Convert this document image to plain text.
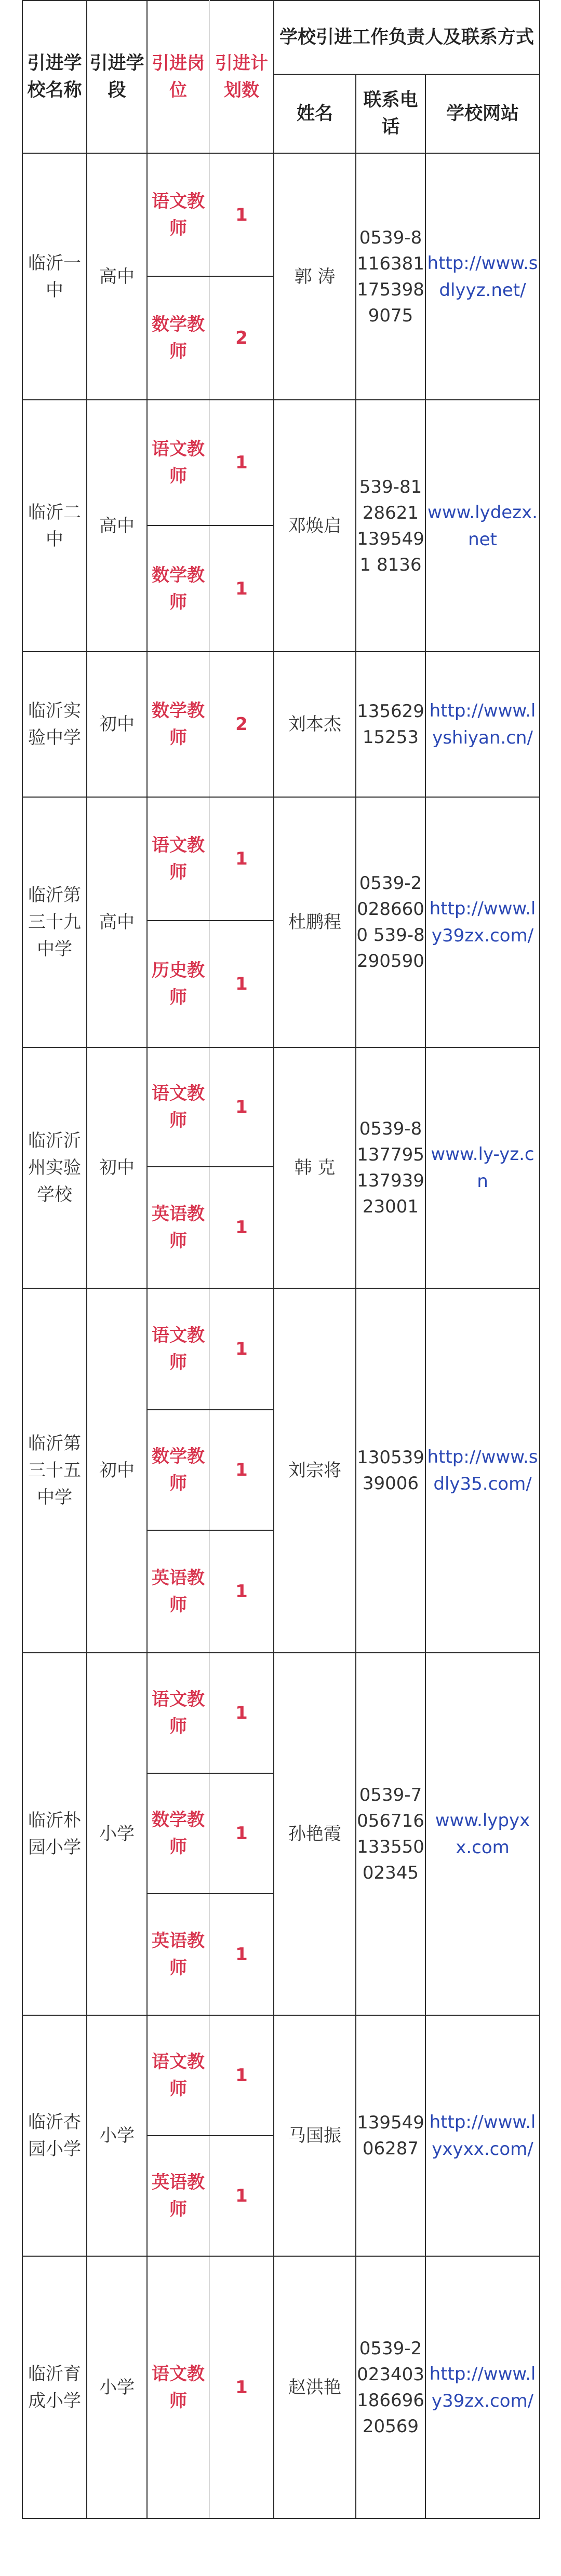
引进学校名称	引进学段	引进岗位	引进计划数	学校引进工作负责人及联系方式		
				姓名	联系电话	学校网站
临沂一中	高中	语文教师	1	郭 涛	0539-8116381 1753989075	http://www.sdlyyz.net/
		数学教师	2			
临沂二中	高中	语文教师	1	邓焕启	539-8128621 1395491 8136	www.lydezx.net
		数学教师	1			
临沂实验中学	初中	数学教师	2	刘本杰	13562915253	http://www.lyshiyan.cn/
临沂第三十九中学	高中	语文教师	1	杜鹏程	0539-2028660 0 539-8290590	http://www.ly39zx.com/
		历史教师	1			
临沂沂州实验学校	初中	语文教师	1	韩 克	0539-813779513793923001	www.ly-yz.cn
		英语教师	1			
临沂第三十五中学	初中	语文教师	1	刘宗将	13053939006	http://www.sdly35.com/
		数学教师	1			
		英语教师	1			
临沂朴园小学	小学	语文教师	1	孙艳霞	0539-7056716 13355002345	www.lypyx x.com
		数学教师	1			
		英语教师	1			
临沂杏园小学	小学	语文教师	1	马国振	13954906287	http://www.lyxyxx.com/
		英语教师	1			
临沂育成小学	小学	语文教师	1	赵洪艳	0539-2023403 18669620569	http://www.ly39zx.com/
